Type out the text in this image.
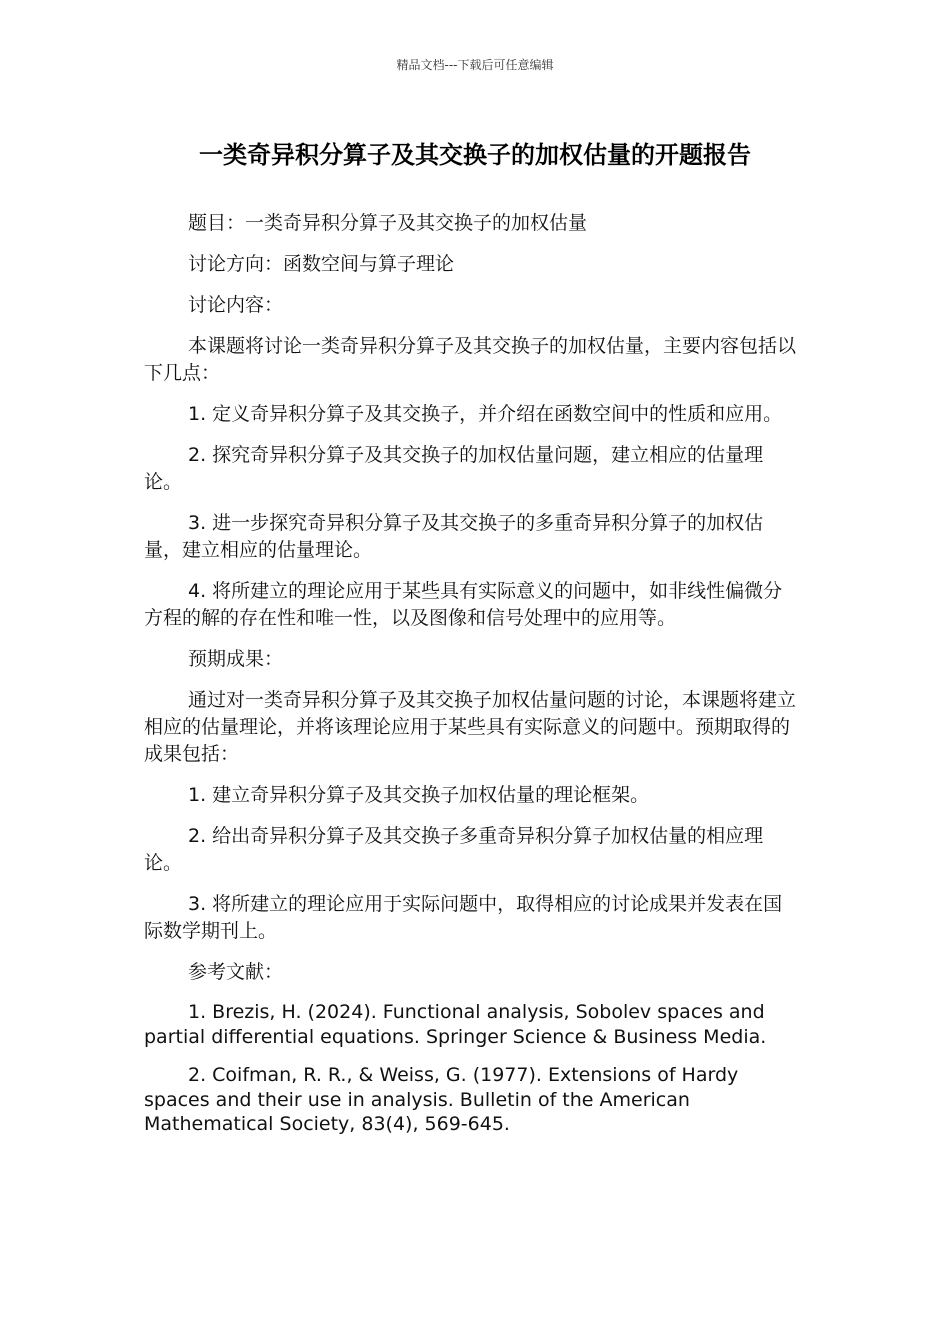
精品文档---下载后可任意编辑
一类奇异积分算子及其交换子的加权估量的开题报告

题目：一类奇异积分算子及其交换子的加权估量

讨论方向：函数空间与算子理论

讨论内容：

本课题将讨论一类奇异积分算子及其交换子的加权估量，主要内容包括以下几点：

1. 定义奇异积分算子及其交换子，并介绍在函数空间中的性质和应用。

2. 探究奇异积分算子及其交换子的加权估量问题，建立相应的估量理论。

3. 进一步探究奇异积分算子及其交换子的多重奇异积分算子的加权估量，建立相应的估量理论。

4. 将所建立的理论应用于某些具有实际意义的问题中，如非线性偏微分方程的解的存在性和唯一性，以及图像和信号处理中的应用等。

预期成果：

通过对一类奇异积分算子及其交换子加权估量问题的讨论，本课题将建立相应的估量理论，并将该理论应用于某些具有实际意义的问题中。预期取得的成果包括：

1. 建立奇异积分算子及其交换子加权估量的理论框架。

2. 给出奇异积分算子及其交换子多重奇异积分算子加权估量的相应理论。

3. 将所建立的理论应用于实际问题中，取得相应的讨论成果并发表在国际数学期刊上。

参考文献：

1. Brezis, H. (2024). Functional analysis, Sobolev spaces and partial differential equations. Springer Science & Business Media.

2. Coifman, R. R., & Weiss, G. (1977). Extensions of Hardy spaces and their use in analysis. Bulletin of the American Mathematical Society, 83(4), 569-645.
